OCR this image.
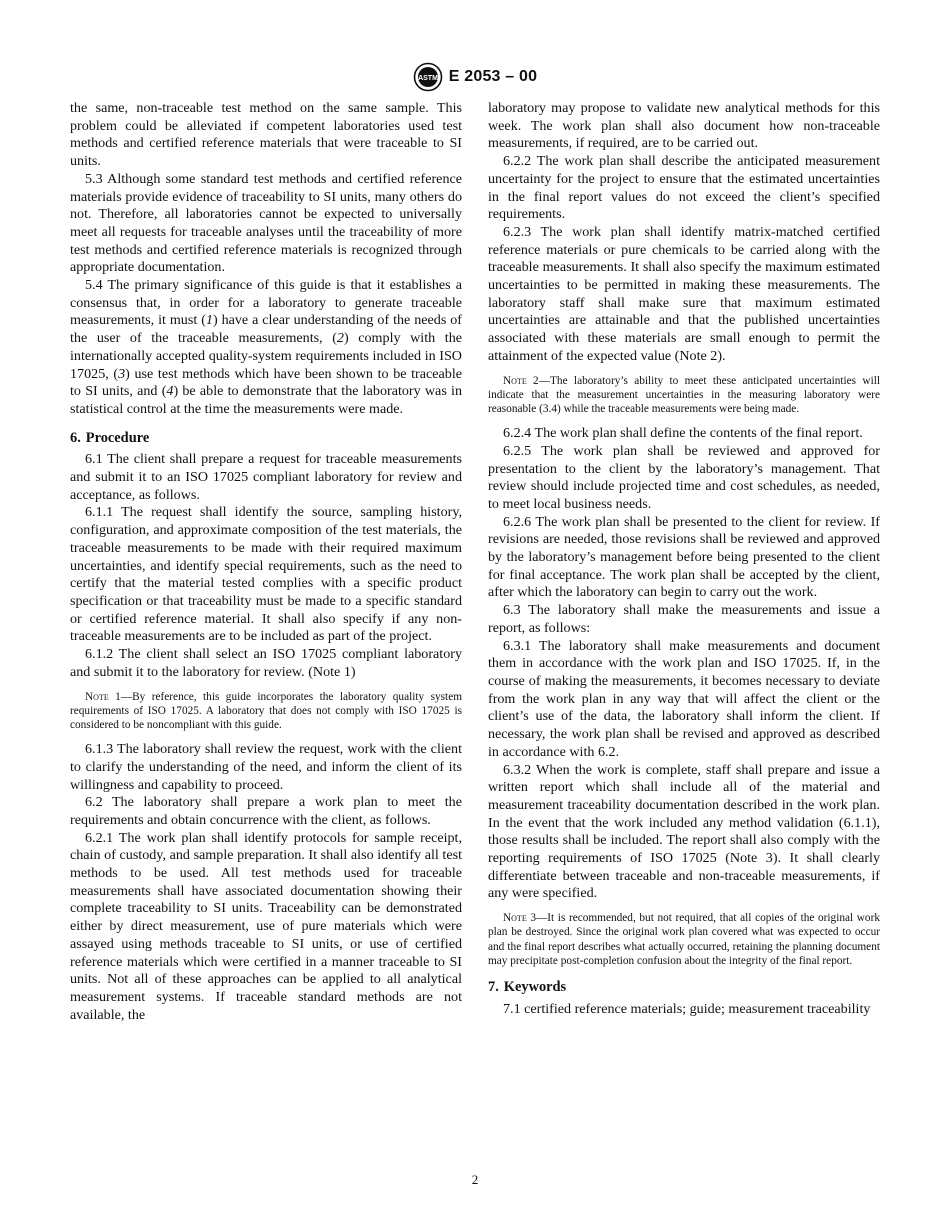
ASTM E 2053 – 00

the same, non-traceable test method on the same sample. This problem could be alleviated if competent laboratories used test methods and certified reference materials that were traceable to SI units.

5.3 Although some standard test methods and certified reference materials provide evidence of traceability to SI units, many others do not. Therefore, all laboratories cannot be expected to universally meet all requests for traceable analyses until the traceability of more test methods and certified reference materials is recognized through appropriate documentation.

5.4 The primary significance of this guide is that it establishes a consensus that, in order for a laboratory to generate traceable measurements, it must (1) have a clear understanding of the needs of the user of the traceable measurements, (2) comply with the internationally accepted quality-system requirements included in ISO 17025, (3) use test methods which have been shown to be traceable to SI units, and (4) be able to demonstrate that the laboratory was in statistical control at the time the measurements were made.

6. Procedure

6.1 The client shall prepare a request for traceable measurements and submit it to an ISO 17025 compliant laboratory for review and acceptance, as follows.

6.1.1 The request shall identify the source, sampling history, configuration, and approximate composition of the test materials, the traceable measurements to be made with their required maximum uncertainties, and identify special requirements, such as the need to certify that the material tested complies with a specific product specification or that traceability must be made to a specific standard or certified reference material. It shall also specify if any non-traceable measurements are to be included as part of the project.

6.1.2 The client shall select an ISO 17025 compliant laboratory and submit it to the laboratory for review. (Note 1)

Note 1—By reference, this guide incorporates the laboratory quality system requirements of ISO 17025. A laboratory that does not comply with ISO 17025 is considered to be noncompliant with this guide.

6.1.3 The laboratory shall review the request, work with the client to clarify the understanding of the need, and inform the client of its willingness and capability to proceed.

6.2 The laboratory shall prepare a work plan to meet the requirements and obtain concurrence with the client, as follows.

6.2.1 The work plan shall identify protocols for sample receipt, chain of custody, and sample preparation. It shall also identify all test methods to be used. All test methods used for traceable measurements shall have associated documentation showing their complete traceability to SI units. Traceability can be demonstrated either by direct measurement, use of pure materials which were assayed using methods traceable to SI units, or use of certified reference materials which were certified in a manner traceable to SI units. Not all of these approaches can be applied to all analytical measurement systems. If traceable standard methods are not available, the

laboratory may propose to validate new analytical methods for this week. The work plan shall also document how non-traceable measurements, if required, are to be carried out.

6.2.2 The work plan shall describe the anticipated measurement uncertainty for the project to ensure that the estimated uncertainties in the final report values do not exceed the client’s specified requirements.

6.2.3 The work plan shall identify matrix-matched certified reference materials or pure chemicals to be carried along with the traceable measurements. It shall also specify the maximum estimated uncertainties to be permitted in making these measurements. The laboratory staff shall make sure that maximum estimated uncertainties are attainable and that the published uncertainties associated with these materials are small enough to permit the attainment of the expected value (Note 2).

Note 2—The laboratory’s ability to meet these anticipated uncertainties will indicate that the measurement uncertainties in the measuring laboratory were reasonable (3.4) while the traceable measurements were being made.

6.2.4 The work plan shall define the contents of the final report.

6.2.5 The work plan shall be reviewed and approved for presentation to the client by the laboratory’s management. That review should include projected time and cost schedules, as needed, to meet local business needs.

6.2.6 The work plan shall be presented to the client for review. If revisions are needed, those revisions shall be reviewed and approved by the laboratory’s management before being presented to the client for final acceptance. The work plan shall be accepted by the client, after which the laboratory can begin to carry out the work.

6.3 The laboratory shall make the measurements and issue a report, as follows:

6.3.1 The laboratory shall make measurements and document them in accordance with the work plan and ISO 17025. If, in the course of making the measurements, it becomes necessary to deviate from the work plan in any way that will affect the client or the client’s use of the data, the laboratory shall inform the client. If necessary, the work plan shall be revised and approved as described in accordance with 6.2.

6.3.2 When the work is complete, staff shall prepare and issue a written report which shall include all of the material and measurement traceability documentation described in the work plan. In the event that the work included any method validation (6.1.1), those results shall be included. The report shall also comply with the reporting requirements of ISO 17025 (Note 3). It shall clearly differentiate between traceable and non-traceable measurements, if any were specified.

Note 3—It is recommended, but not required, that all copies of the original work plan be destroyed. Since the original work plan covered what was expected to occur and the final report describes what actually occurred, retaining the planning document may precipitate post-completion confusion about the integrity of the final report.

7. Keywords

7.1 certified reference materials; guide; measurement traceability

2
